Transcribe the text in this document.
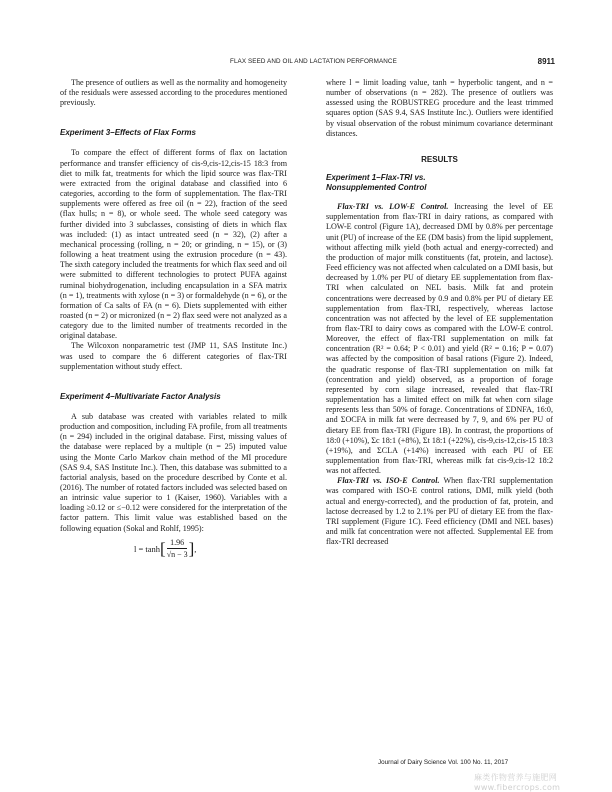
FLAX SEED AND OIL AND LACTATION PERFORMANCE	8911

The presence of outliers as well as the normality and homogeneity of the residuals were assessed according to the procedures mentioned previously.

Experiment 3–Effects of Flax Forms

To compare the effect of different forms of flax on lactation performance and transfer efficiency of cis-9,cis-12,cis-15 18:3 from diet to milk fat, treatments for which the lipid source was flax-TRI were extracted from the original database and classified into 6 categories, according to the form of supplementation. The flax-TRI supplements were offered as free oil (n = 22), fraction of the seed (flax hulls; n = 8), or whole seed. The whole seed category was further divided into 3 subclasses, consisting of diets in which flax was included: (1) as intact untreated seed (n = 32), (2) after a mechanical processing (rolling, n = 20; or grinding, n = 15), or (3) following a heat treatment using the extrusion procedure (n = 43). The sixth category included the treatments for which flax seed and oil were submitted to different technologies to protect PUFA against ruminal biohydrogenation, including encapsulation in a SFA matrix (n = 1), treatments with xylose (n = 3) or formaldehyde (n = 6), or the formation of Ca salts of FA (n = 6). Diets supplemented with either roasted (n = 2) or micronized (n = 2) flax seed were not analyzed as a category due to the limited number of treatments recorded in the original database.

The Wilcoxon nonparametric test (JMP 11, SAS Institute Inc.) was used to compare the 6 different categories of flax-TRI supplementation without study effect.

Experiment 4–Multivariate Factor Analysis

A sub database was created with variables related to milk production and composition, including FA profile, from all treatments (n = 294) included in the original database. First, missing values of the database were replaced by a multiple (n = 25) imputed value using the Monte Carlo Markov chain method of the MI procedure (SAS 9.4, SAS Institute Inc.). Then, this database was submitted to a factorial analysis, based on the procedure described by Conte et al. (2016). The number of rotated factors included was selected based on an intrinsic value superior to 1 (Kaiser, 1960). Variables with a loading ≥0.12 or ≤−0.12 were considered for the interpretation of the factor pattern. This limit value was established based on the following equation (Sokal and Rohlf, 1995):

l = tanh [ $\frac{1.96}{√n - 3}$ ] ,

where l = limit loading value, tanh = hyperbolic tangent, and n = number of observations (n = 282). The presence of outliers was assessed using the ROBUSTREG procedure and the least trimmed squares option (SAS 9.4, SAS Institute Inc.). Outliers were identified by visual observation of the robust minimum covariance determinant distances.

RESULTS

Experiment 1–Flax-TRI vs.

Nonsupplemented Control

Flax-TRI vs. LOW-E Control. Increasing the level of EE supplementation from flax-TRI in dairy rations, as compared with LOW-E control (Figure 1A), decreased DMI by 0.8% per percentage unit (PU) of increase of the EE (DM basis) from the lipid supplement, without affecting milk yield (both actual and energy-corrected) and the production of major milk constituents (fat, protein, and lactose). Feed efficiency was not affected when calculated on a DMI basis, but decreased by 1.0% per PU of dietary EE supplementation from flax-TRI when calculated on NEL basis. Milk fat and protein concentrations were decreased by 0.9 and 0.8% per PU of dietary EE supplementation from flax-TRI, respectively, whereas lactose concentration was not affected by the level of EE supplementation from flax-TRI to dairy cows as compared with the LOW-E control. Moreover, the effect of flax-TRI supplementation on milk fat concentration (R² = 0.64; P < 0.01) and yield (R² = 0.16; P = 0.07) was affected by the composition of basal rations (Figure 2). Indeed, the quadratic response of flax-TRI supplementation on milk fat (concentration and yield) observed, as a proportion of forage represented by corn silage increased, revealed that flax-TRI supplementation has a limited effect on milk fat when corn silage represents less than 50% of forage. Concentrations of ΣDNFA, 16:0, and ΣOCFA in milk fat were decreased by 7, 9, and 6% per PU of dietary EE from flax-TRI (Figure 1B). In contrast, the proportions of 18:0 (+10%), Σc 18:1 (+8%), Σt 18:1 (+22%), cis-9,cis-12,cis-15 18:3 (+19%), and ΣCLA (+14%) increased with each PU of EE supplementation from flax-TRI, whereas milk fat cis-9,cis-12 18:2 was not affected.

Flax-TRI vs. ISO-E Control. When flax-TRI supplementation was compared with ISO-E control rations, DMI, milk yield (both actual and energy-corrected), and the production of fat, protein, and lactose decreased by 1.2 to 2.1% per PU of dietary EE from the flax-TRI supplement (Figure 1C). Feed efficiency (DMI and NEL bases) and milk fat concentration were not affected. Supplemental EE from flax-TRI decreased

Journal of Dairy Science Vol. 100 No. 11, 2017
麻类作物营养与施肥网 www.fibercrops.com
